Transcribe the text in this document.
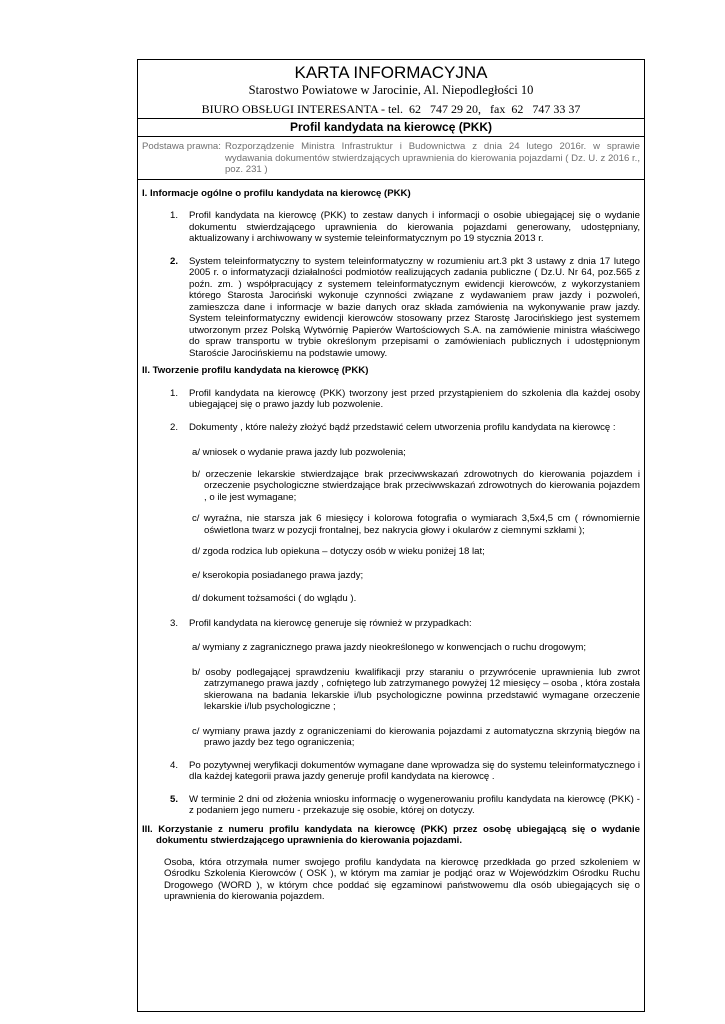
KARTA INFORMACYJNA
Starostwo Powiatowe w Jarocinie, Al. Niepodległości 10
BIURO OBSŁUGI INTERESANTA - tel.  62   747 29 20,   fax  62   747 33 37
Profil kandydata na kierowcę (PKK)
Podstawa prawna: Rozporządzenie Ministra Infrastruktur i Budownictwa z dnia 24 lutego 2016r. w sprawie wydawania dokumentów stwierdzających uprawnienia do kierowania pojazdami ( Dz. U. z 2016 r., poz. 231 )
I. Informacje ogólne o profilu kandydata na kierowcę (PKK)
1.	Profil kandydata na kierowcę (PKK) to zestaw danych i informacji o osobie ubiegającej się o wydanie dokumentu stwierdzającego uprawnienia do kierowania pojazdami generowany, udostępniany, aktualizowany i archiwowany w systemie teleinformatycznym po 19 stycznia 2013 r.
2.	System teleinformatyczny to system teleinformatyczny w rozumieniu art.3 pkt 3 ustawy z dnia 17 lutego 2005 r. o informatyzacji działalności podmiotów realizujących zadania publiczne ( Dz.U. Nr 64, poz.565 z poźn. zm. ) współpracujący z systemem teleinformatycznym ewidencji kierowców, z wykorzystaniem którego Starosta Jarociński wykonuje czynności związane z wydawaniem praw jazdy i pozwoleń, zamieszcza dane i informacje w bazie danych oraz składa zamówienia na wykonywanie praw jazdy. System teleinformatyczny ewidencji kierowców stosowany przez Starostę Jarocińskiego jest systemem utworzonym przez Polską Wytwórnię Papierów Wartościowych S.A. na zamówienie ministra właściwego do spraw transportu w trybie określonym przepisami o zamówieniach publicznych i udostępnionym Staroście Jarocińskiemu na podstawie umowy.
II. Tworzenie profilu kandydata na kierowcę (PKK)
1.	Profil kandydata na kierowcę (PKK) tworzony jest przed przystąpieniem do szkolenia dla każdej osoby ubiegającej się o prawo jazdy lub pozwolenie.
2.	Dokumenty , które należy złożyć bądź przedstawić celem utworzenia profilu kandydata na kierowcę :
a/ wniosek o wydanie prawa jazdy lub pozwolenia;
b/ orzeczenie lekarskie stwierdzające brak przeciwwskazań zdrowotnych do kierowania pojazdem i orzeczenie psychologiczne stwierdzające brak przeciwwskazań zdrowotnych do kierowania pojazdem , o ile jest wymagane;
c/ wyraźna, nie starsza jak 6 miesięcy i kolorowa fotografia o wymiarach 3,5x4,5 cm ( równomiernie oświetlona twarz w pozycji frontalnej, bez nakrycia głowy i okularów z ciemnymi szkłami );
d/ zgoda rodzica lub opiekuna – dotyczy osób w wieku poniżej 18 lat;
e/ kserokopia posiadanego prawa jazdy;
d/ dokument tożsamości ( do wglądu ).
3.	Profil kandydata na kierowcę generuje się również w przypadkach:
a/ wymiany z zagranicznego prawa jazdy nieokreślonego w konwencjach o ruchu drogowym;
b/ osoby podlegającej sprawdzeniu kwalifikacji przy staraniu o przywrócenie uprawnienia lub zwrot zatrzymanego prawa jazdy , cofniętego lub zatrzymanego powyżej 12 miesięcy – osoba , która została skierowana na badania lekarskie i/lub psychologiczne powinna przedstawić wymagane orzeczenie lekarskie i/lub psychologiczne ;
c/ wymiany prawa jazdy z ograniczeniami do kierowania pojazdami z automatyczna skrzynią biegów na prawo jazdy bez tego ograniczenia;
4.	Po pozytywnej weryfikacji dokumentów wymagane dane wprowadza się do systemu teleinformatycznego i dla każdej kategorii prawa jazdy generuje profil kandydata na kierowcę .
5.	W terminie 2 dni od złożenia wniosku informację o wygenerowaniu profilu kandydata na kierowcę (PKK) - z podaniem jego numeru - przekazuje się osobie, której on dotyczy.
III. Korzystanie z numeru profilu kandydata na kierowcę (PKK) przez osobę ubiegającą się o wydanie dokumentu stwierdzającego uprawnienia do kierowania pojazdami.
Osoba, która otrzymała numer swojego profilu kandydata na kierowcę przedkłada go przed szkoleniem w Ośrodku Szkolenia Kierowców ( OSK ), w którym ma zamiar je podjąć oraz w Wojewódzkim Ośrodku Ruchu Drogowego (WORD ), w którym chce poddać się egzaminowi państwowemu dla osób ubiegających się o uprawnienia do kierowania pojazdem.
